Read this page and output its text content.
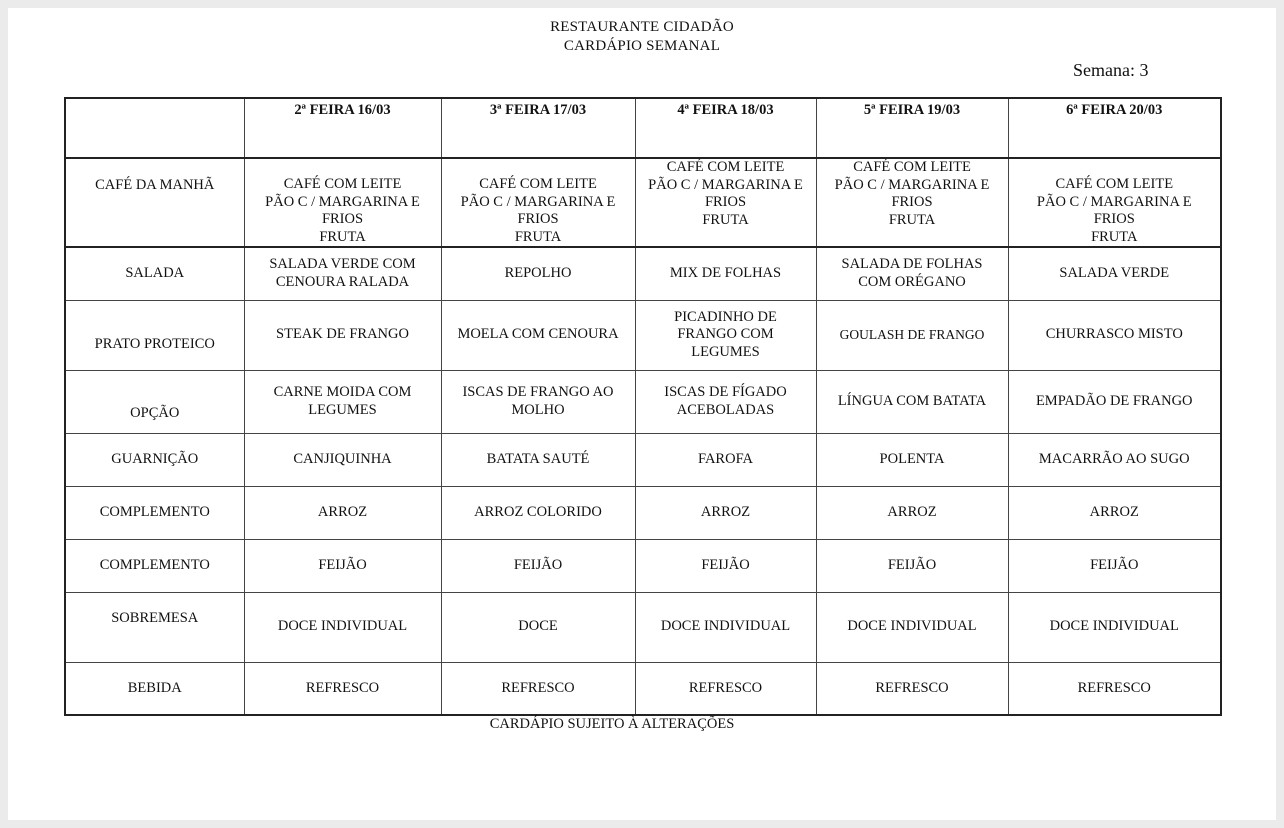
RESTAURANTE CIDADÃO
CARDÁPIO SEMANAL
Semana: 3
	2ª FEIRA 16/03	3ª FEIRA 17/03	4ª FEIRA 18/03	5ª FEIRA 19/03	6ª FEIRA 20/03
CAFÉ DA MANHÃ	CAFÉ COM LEITE
PÃO C / MARGARINA E
FRIOS
FRUTA	CAFÉ COM LEITE
PÃO C / MARGARINA E
FRIOS
FRUTA	CAFÉ COM LEITE
PÃO C / MARGARINA E
FRIOS
FRUTA	CAFÉ COM LEITE
PÃO C / MARGARINA E
FRIOS
FRUTA	CAFÉ COM LEITE
PÃO C / MARGARINA E
FRIOS
FRUTA

SALADA	SALADA VERDE COM
CENOURA RALADA	REPOLHO	MIX DE FOLHAS	SALADA DE FOLHAS
COM ORÉGANO	SALADA VERDE

PRATO PROTEICO	STEAK DE FRANGO	MOELA COM CENOURA	PICADINHO DE
FRANGO COM
LEGUMES	GOULASH DE FRANGO	CHURRASCO MISTO

OPÇÃO	CARNE MOIDA COM
LEGUMES	ISCAS DE FRANGO AO
MOLHO	ISCAS DE FÍGADO
ACEBOLADAS	LÍNGUA COM BATATA	EMPADÃO DE FRANGO

GUARNIÇÃO	CANJIQUINHA	BATATA SAUTÉ	FAROFA	POLENTA	MACARRÃO AO SUGO
COMPLEMENTO	ARROZ	ARROZ COLORIDO	ARROZ	ARROZ	ARROZ
COMPLEMENTO	FEIJÃO	FEIJÃO	FEIJÃO	FEIJÃO	FEIJÃO
SOBREMESA	DOCE INDIVIDUAL	DOCE	DOCE INDIVIDUAL	DOCE INDIVIDUAL	DOCE INDIVIDUAL
BEBIDA	REFRESCO	REFRESCO	REFRESCO	REFRESCO	REFRESCO
CARDÁPIO SUJEITO À ALTERAÇÕES
